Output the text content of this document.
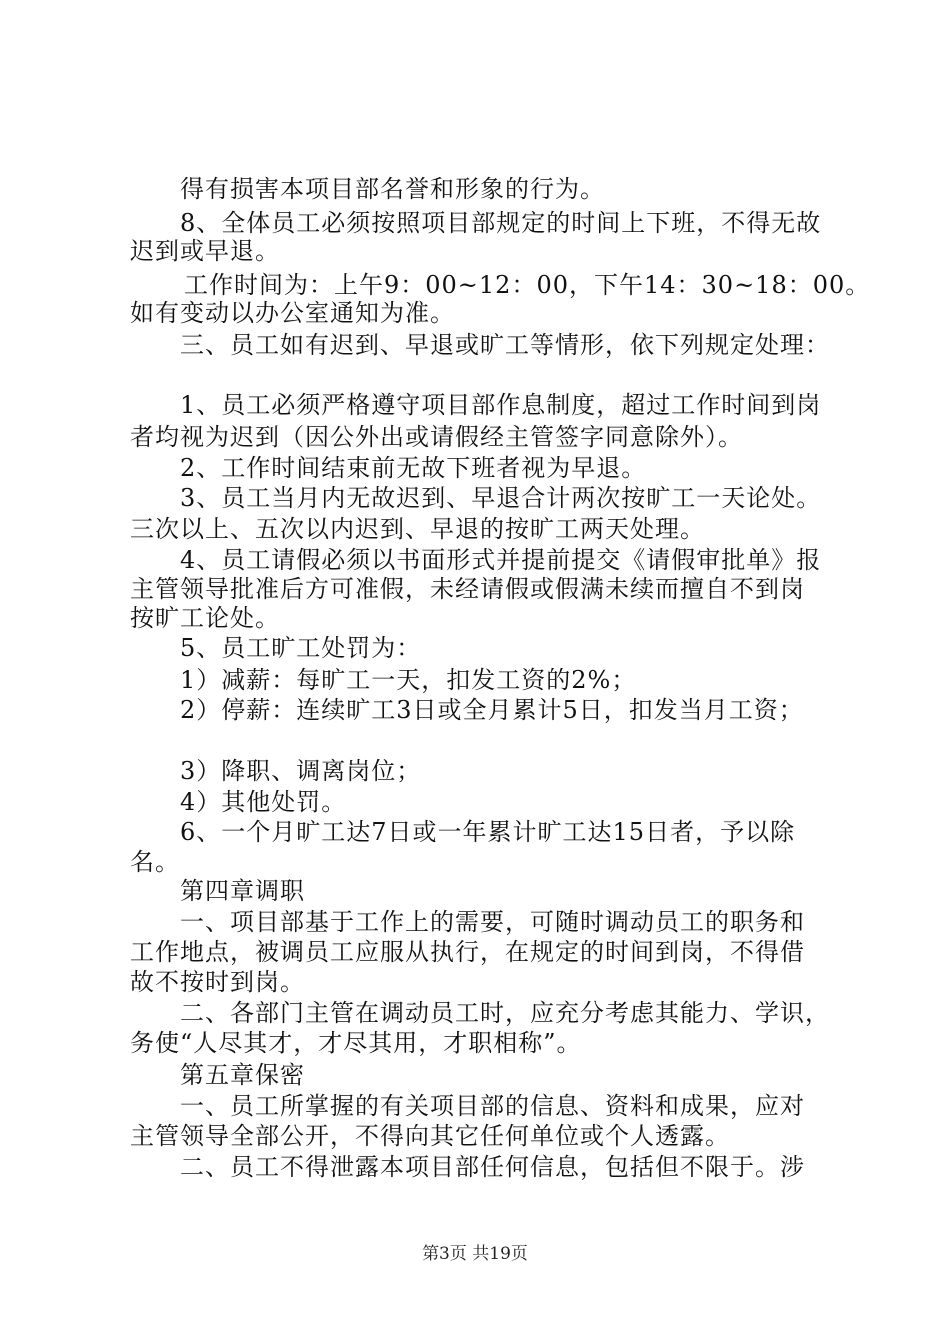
得有损害本项目部名誉和形象的行为。
8、全体员工必须按照项目部规定的时间上下班，不得无故
迟到或早退。
工作时间为：上午9：00~12：00，下午14：30~18：00。
如有变动以办公室通知为准。
三、员工如有迟到、早退或旷工等情形，依下列规定处理：
1、员工必须严格遵守项目部作息制度，超过工作时间到岗
者均视为迟到（因公外出或请假经主管签字同意除外）。
2、工作时间结束前无故下班者视为早退。
3、员工当月内无故迟到、早退合计两次按旷工一天论处。
三次以上、五次以内迟到、早退的按旷工两天处理。
4、员工请假必须以书面形式并提前提交《请假审批单》报
主管领导批准后方可准假，未经请假或假满未续而擅自不到岗
按旷工论处。
5、员工旷工处罚为：
1）减薪：每旷工一天，扣发工资的2%；
2）停薪：连续旷工3日或全月累计5日，扣发当月工资；
3）降职、调离岗位；
4）其他处罚。
6、一个月旷工达7日或一年累计旷工达15日者，予以除
名。
第四章调职
一、项目部基于工作上的需要，可随时调动员工的职务和
工作地点，被调员工应服从执行，在规定的时间到岗，不得借
故不按时到岗。
二、各部门主管在调动员工时，应充分考虑其能力、学识，
务使“人尽其才，才尽其用，才职相称”。
第五章保密
一、员工所掌握的有关项目部的信息、资料和成果，应对
主管领导全部公开，不得向其它任何单位或个人透露。
二、员工不得泄露本项目部任何信息，包括但不限于。涉
第3页 共19页
